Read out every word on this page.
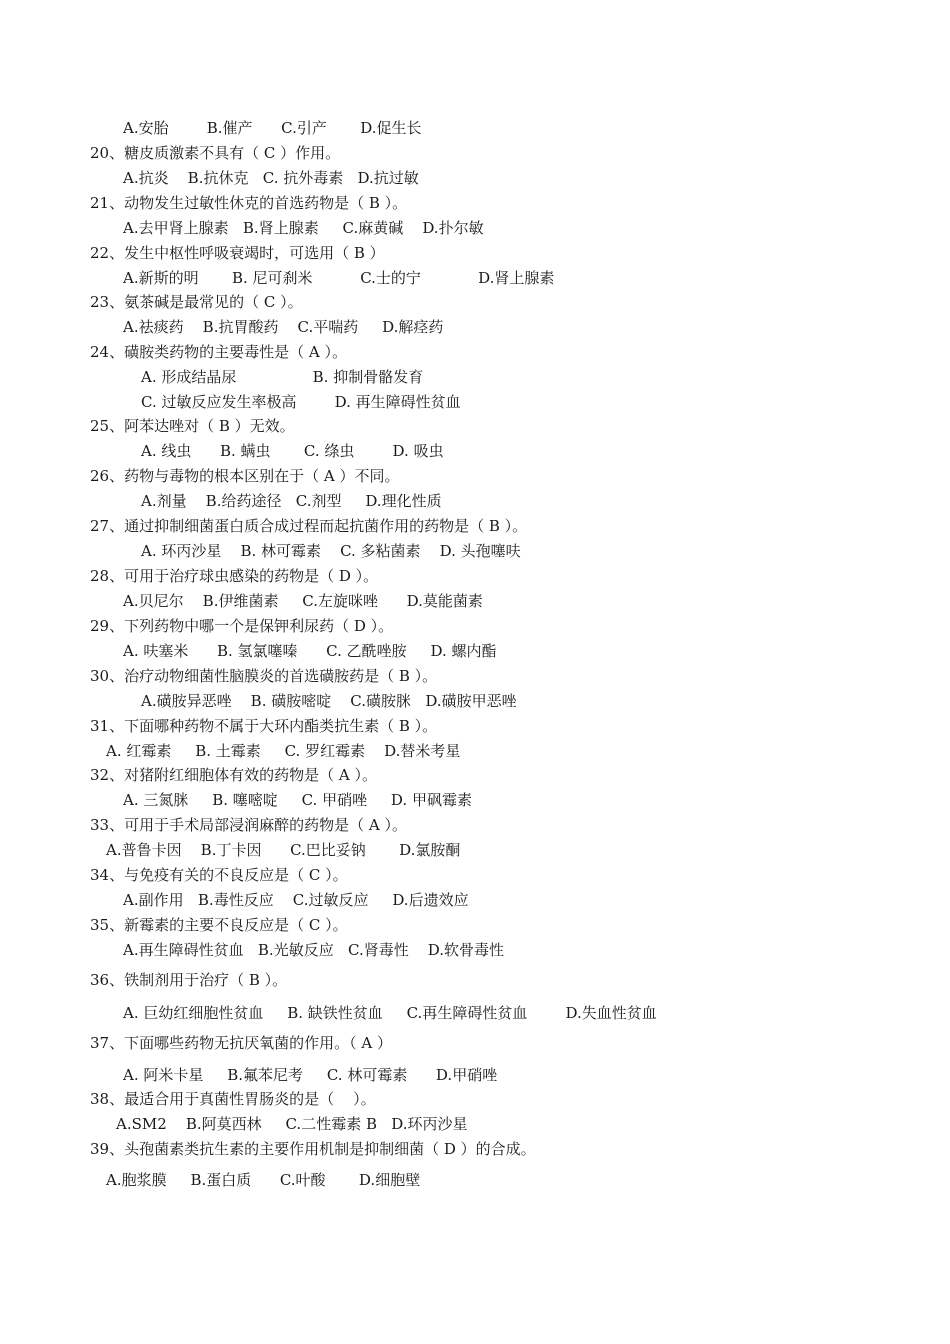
A.安胎        B.催产      C.引产       D.促生长
20、糖皮质激素不具有（ C ）作用。
A.抗炎    B.抗休克   C. 抗外毒素   D.抗过敏
21、动物发生过敏性休克的首选药物是（ B ）。
A.去甲肾上腺素   B.肾上腺素     C.麻黄碱    D.扑尔敏
22、发生中枢性呼吸衰竭时，可选用（ B ）
A.新斯的明       B. 尼可刹米          C.士的宁            D.肾上腺素
23、氨茶碱是最常见的（ C ）。
A.祛痰药    B.抗胃酸药    C.平喘药     D.解痉药
24、磺胺类药物的主要毒性是（ A ）。
A. 形成结晶尿                B. 抑制骨骼发育
C. 过敏反应发生率极高        D. 再生障碍性贫血
25、阿苯达唑对（ B ）无效。
A. 线虫      B. 螨虫       C. 绦虫        D. 吸虫
26、药物与毒物的根本区别在于（ A ）不同。
A.剂量    B.给药途径   C.剂型     D.理化性质
27、通过抑制细菌蛋白质合成过程而起抗菌作用的药物是（ B ）。
A. 环丙沙星    B. 林可霉素    C. 多粘菌素    D. 头孢噻呋
28、可用于治疗球虫感染的药物是（ D ）。
A.贝尼尔    B.伊维菌素     C.左旋咪唑      D.莫能菌素
29、下列药物中哪一个是保钾利尿药（ D ）。
A. 呋塞米      B. 氢氯噻嗪      C. 乙酰唑胺     D. 螺内酯
30、治疗动物细菌性脑膜炎的首选磺胺药是（ B ）。
A.磺胺异恶唑    B. 磺胺嘧啶    C.磺胺脒   D.磺胺甲恶唑
31、下面哪种药物不属于大环内酯类抗生素（ B ）。
A. 红霉素     B. 土霉素     C. 罗红霉素    D.替米考星
32、对猪附红细胞体有效的药物是（ A ）。
A. 三氮脒     B. 噻嘧啶     C. 甲硝唑     D. 甲砜霉素
33、可用于手术局部浸润麻醉的药物是（ A ）。
A.普鲁卡因    B.丁卡因      C.巴比妥钠       D.氯胺酮
34、与免疫有关的不良反应是（ C ）。
A.副作用   B.毒性反应    C.过敏反应     D.后遗效应
35、新霉素的主要不良反应是（ C ）。
A.再生障碍性贫血   B.光敏反应   C.肾毒性    D.软骨毒性
36、铁制剂用于治疗（ B ）。
A. 巨幼红细胞性贫血     B. 缺铁性贫血     C.再生障碍性贫血        D.失血性贫血
37、下面哪些药物无抗厌氧菌的作用。（ A ）
A. 阿米卡星     B.氟苯尼考     C. 林可霉素      D.甲硝唑
38、最适合用于真菌性胃肠炎的是（    ）。
A.SM2    B.阿莫西林     C.二性霉素 B   D.环丙沙星
39、头孢菌素类抗生素的主要作用机制是抑制细菌（ D ）的合成。
A.胞浆膜     B.蛋白质      C.叶酸       D.细胞壁
